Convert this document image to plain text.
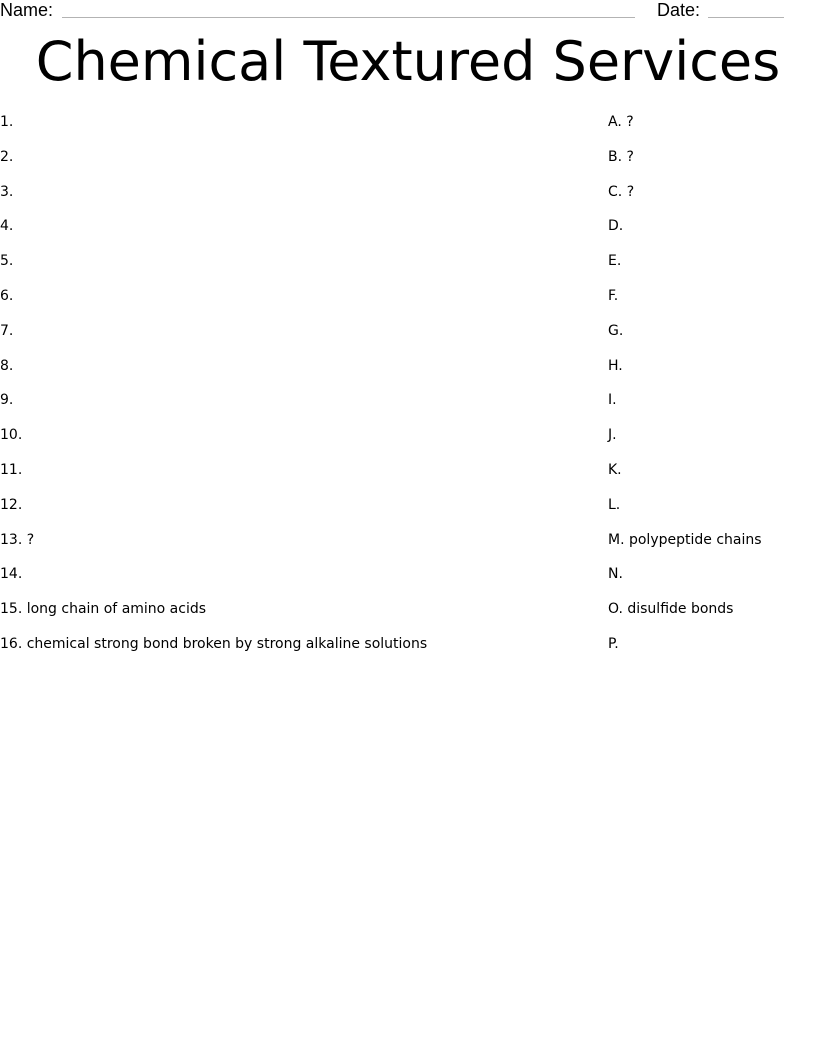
Name:	Date:
Chemical Textured Services
1.
2.
3.
4.
5.
6.
7.
8.
9.
10.
11.
12.
13. ?
14.
15. long chain of amino acids
16. chemical strong bond broken by strong alkaline solutions
A. ?
B. ?
C. ?
D.
E.
F.
G.
H.
I.
J.
K.
L.
M. polypeptide chains
N.
O. disulfide bonds
P.
